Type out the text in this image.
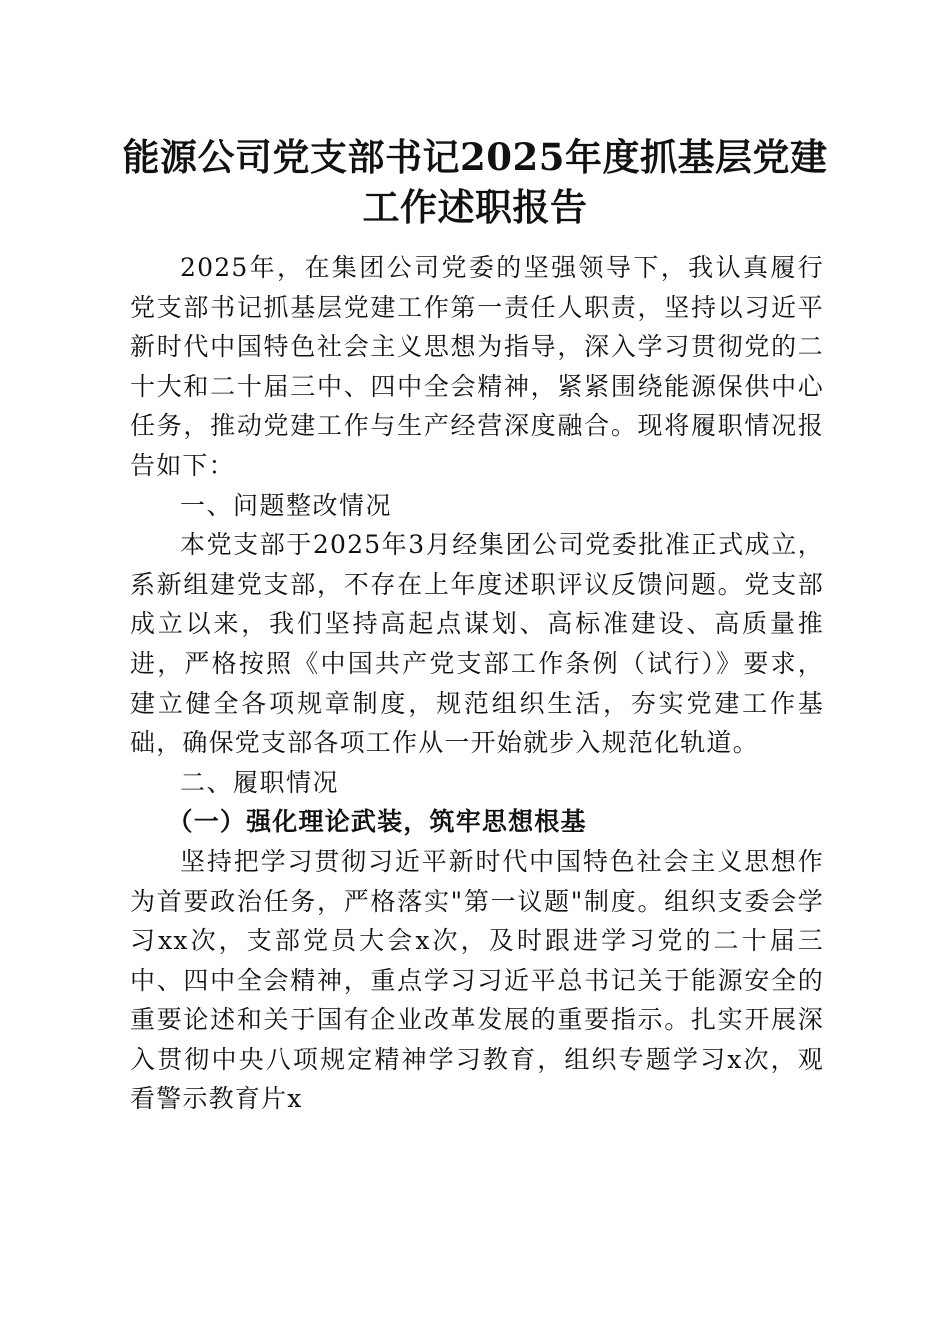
能源公司党支部书记2025年度抓基层党建工作述职报告

2025年，在集团公司党委的坚强领导下，我认真履行党支部书记抓基层党建工作第一责任人职责，坚持以习近平新时代中国特色社会主义思想为指导，深入学习贯彻党的二十大和二十届三中、四中全会精神，紧紧围绕能源保供中心任务，推动党建工作与生产经营深度融合。现将履职情况报告如下：

一、问题整改情况

本党支部于2025年3月经集团公司党委批准正式成立，系新组建党支部，不存在上年度述职评议反馈问题。党支部成立以来，我们坚持高起点谋划、高标准建设、高质量推进，严格按照《中国共产党支部工作条例（试行）》要求，建立健全各项规章制度，规范组织生活，夯实党建工作基础，确保党支部各项工作从一开始就步入规范化轨道。

二、履职情况

（一）强化理论武装，筑牢思想根基

坚持把学习贯彻习近平新时代中国特色社会主义思想作为首要政治任务，严格落实"第一议题"制度。组织支委会学习xx次，支部党员大会x次，及时跟进学习党的二十届三中、四中全会精神，重点学习习近平总书记关于能源安全的重要论述和关于国有企业改革发展的重要指示。扎实开展深入贯彻中央八项规定精神学习教育，组织专题学习x次，观看警示教育片x
